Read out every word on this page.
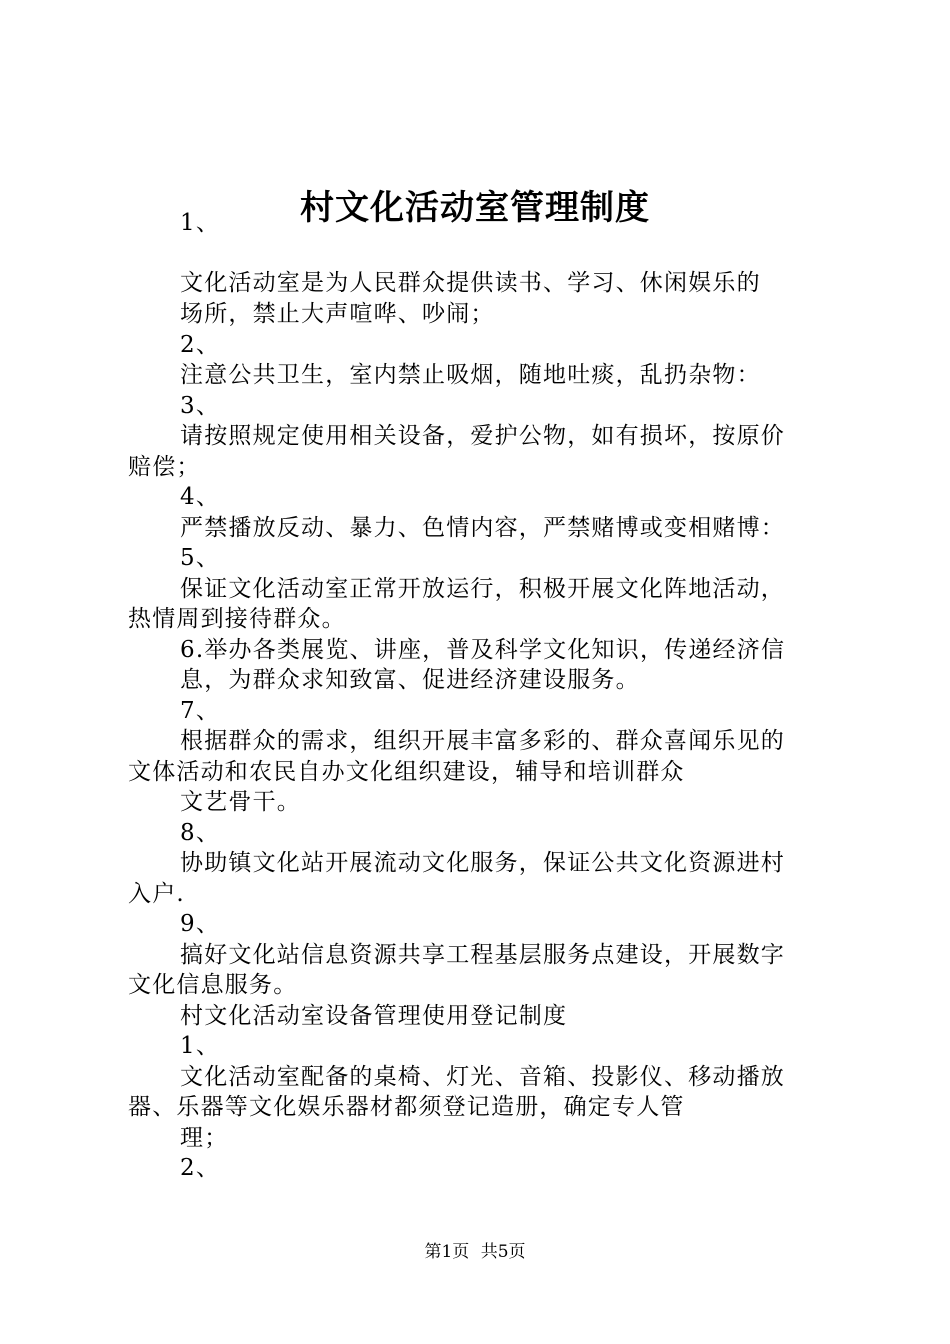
村文化活动室管理制度
1、
文化活动室是为人民群众提供读书、学习、休闲娱乐的
场所，禁止大声喧哗、吵闹；
2、
注意公共卫生，室内禁止吸烟，随地吐痰，乱扔杂物：
3、
请按照规定使用相关设备，爱护公物，如有损坏，按原价
赔偿；
4、
严禁播放反动、暴力、色情内容，严禁赌博或变相赌博：
5、
保证文化活动室正常开放运行，积极开展文化阵地活动，
热情周到接待群众。
6.举办各类展览、讲座，普及科学文化知识，传递经济信
息，为群众求知致富、促进经济建设服务。
7、
根据群众的需求，组织开展丰富多彩的、群众喜闻乐见的
文体活动和农民自办文化组织建设，辅导和培训群众
文艺骨干。
8、
协助镇文化站开展流动文化服务，保证公共文化资源进村
入户.
9、
搞好文化站信息资源共享工程基层服务点建设，开展数字
文化信息服务。
村文化活动室设备管理使用登记制度
1、
文化活动室配备的桌椅、灯光、音箱、投影仪、移动播放
器、乐器等文化娱乐器材都须登记造册，确定专人管
理；
2、
第1页 共5页
